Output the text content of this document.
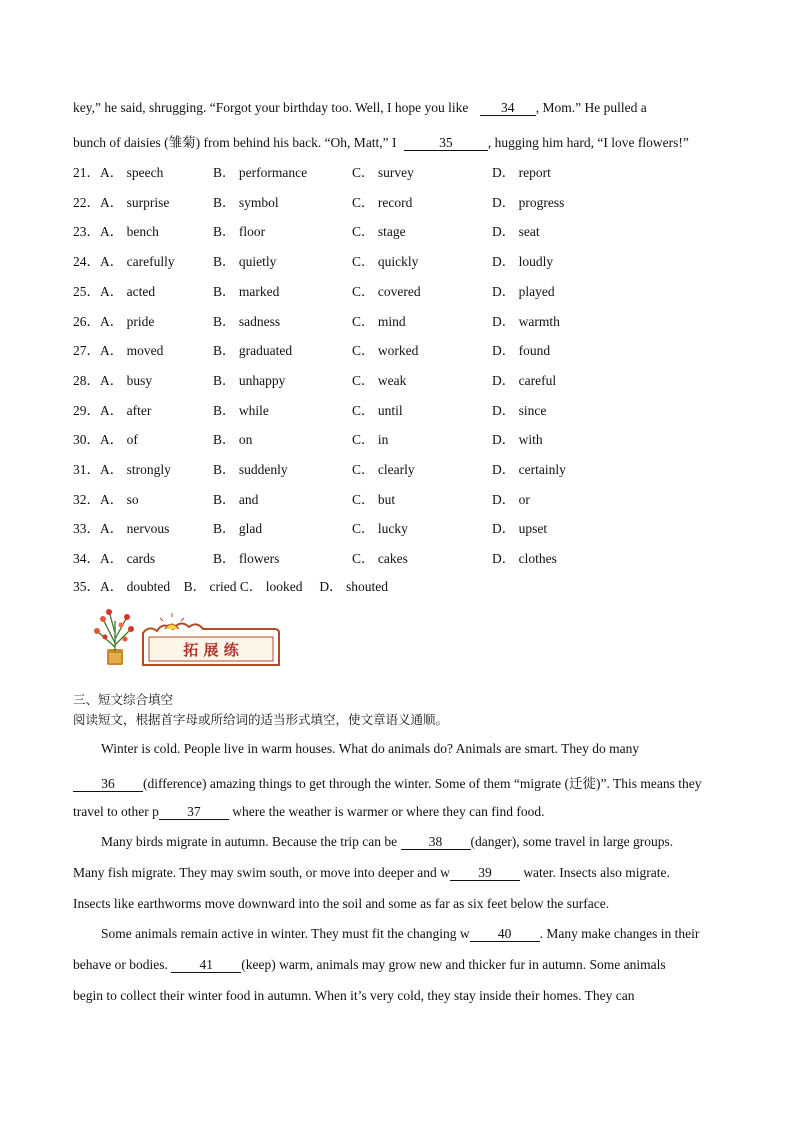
key,” he said, shrugging. “Forgot your birthday too. Well, I hope you like 34 , Mom.” He pulled a
bunch of daisies (雏菊) from behind his back. “Oh, Matt,” I	35	, hugging him hard, “I love flowers!”
21．A． speech	B． performance	C． survey	D． report
22．A． surprise	B． symbol	C． record	D． progress
23．A． bench	B． floor	C． stage	D． seat
24．A． carefully	B． quietly	C． quickly	D． loudly
25．A． acted	B． marked	C． covered	D． played
26．A． pride	B． sadness	C． mind	D． warmth
27．A． moved	B． graduated	C． worked	D． found
28．A． busy	B． unhappy	C． weak	D． careful
29．A． after	B． while	C． until	D． since
30．A． of	B． on	C． in	D． with
31．A． strongly	B． suddenly	C． clearly	D． certainly
32．A． so	B． and	C． but	D． or
33．A． nervous	B． glad	C． lucky	D． upset
34．A． cards	B． flowers	C． cakes	D． clothes
35．A． doubted　B． cried C． looked　 D． shouted
拓 展 练
三、短文综合填空
阅读短文，根据首字母或所给词的适当形式填空，使文章语义通顺。
Winter is cold. People live in warm houses. What do animals do? Animals are smart. They do many
36 (difference) amazing things to get through the winter. Some of them “migrate (迁徙)”. This means they
travel to other p 37 where the weather is warmer or where they can find food.
Many birds migrate in autumn. Because the trip can be 38 (danger), some travel in large groups.
Many fish migrate. They may swim south, or move into deeper and w 39 water. Insects also migrate.
Insects like earthworms move downward into the soil and some as far as six feet below the surface.
Some animals remain active in winter. They must fit the changing w 40 . Many make changes in their
behave or bodies. 41 (keep) warm, animals may grow new and thicker fur in autumn. Some animals
begin to collect their winter food in autumn. When it’s very cold, they stay inside their homes. They can
